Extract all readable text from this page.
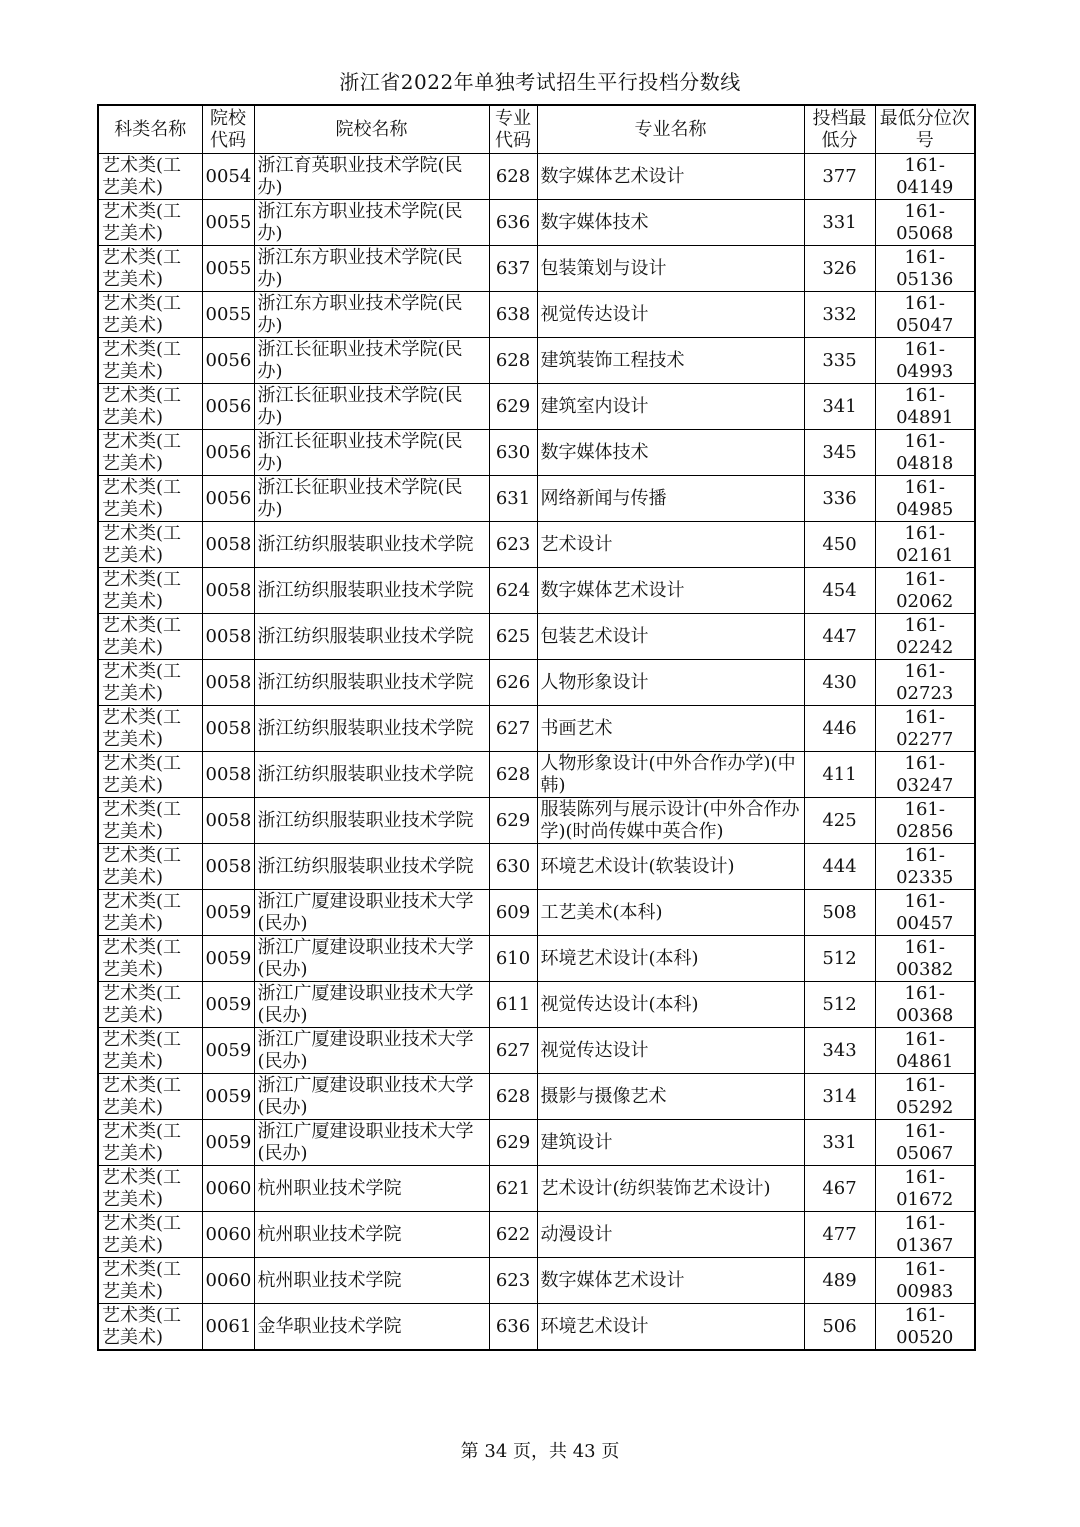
浙江省2022年单独考试招生平行投档分数线
科类名称	院校代码	院校名称	专业代码	专业名称	投档最低分	最低分位次号
艺术类(工艺美术)	0054	浙江育英职业技术学院(民办)	628	数字媒体艺术设计	377	161-04149
艺术类(工艺美术)	0055	浙江东方职业技术学院(民办)	636	数字媒体技术	331	161-05068
艺术类(工艺美术)	0055	浙江东方职业技术学院(民办)	637	包装策划与设计	326	161-05136
艺术类(工艺美术)	0055	浙江东方职业技术学院(民办)	638	视觉传达设计	332	161-05047
艺术类(工艺美术)	0056	浙江长征职业技术学院(民办)	628	建筑装饰工程技术	335	161-04993
艺术类(工艺美术)	0056	浙江长征职业技术学院(民办)	629	建筑室内设计	341	161-04891
艺术类(工艺美术)	0056	浙江长征职业技术学院(民办)	630	数字媒体技术	345	161-04818
艺术类(工艺美术)	0056	浙江长征职业技术学院(民办)	631	网络新闻与传播	336	161-04985
艺术类(工艺美术)	0058	浙江纺织服装职业技术学院	623	艺术设计	450	161-02161
艺术类(工艺美术)	0058	浙江纺织服装职业技术学院	624	数字媒体艺术设计	454	161-02062
艺术类(工艺美术)	0058	浙江纺织服装职业技术学院	625	包装艺术设计	447	161-02242
艺术类(工艺美术)	0058	浙江纺织服装职业技术学院	626	人物形象设计	430	161-02723
艺术类(工艺美术)	0058	浙江纺织服装职业技术学院	627	书画艺术	446	161-02277
艺术类(工艺美术)	0058	浙江纺织服装职业技术学院	628	人物形象设计(中外合作办学)(中韩)	411	161-03247
艺术类(工艺美术)	0058	浙江纺织服装职业技术学院	629	服装陈列与展示设计(中外合作办学)(时尚传媒中英合作)	425	161-02856
艺术类(工艺美术)	0058	浙江纺织服装职业技术学院	630	环境艺术设计(软装设计)	444	161-02335
艺术类(工艺美术)	0059	浙江广厦建设职业技术大学(民办)	609	工艺美术(本科)	508	161-00457
艺术类(工艺美术)	0059	浙江广厦建设职业技术大学(民办)	610	环境艺术设计(本科)	512	161-00382
艺术类(工艺美术)	0059	浙江广厦建设职业技术大学(民办)	611	视觉传达设计(本科)	512	161-00368
艺术类(工艺美术)	0059	浙江广厦建设职业技术大学(民办)	627	视觉传达设计	343	161-04861
艺术类(工艺美术)	0059	浙江广厦建设职业技术大学(民办)	628	摄影与摄像艺术	314	161-05292
艺术类(工艺美术)	0059	浙江广厦建设职业技术大学(民办)	629	建筑设计	331	161-05067
艺术类(工艺美术)	0060	杭州职业技术学院	621	艺术设计(纺织装饰艺术设计)	467	161-01672
艺术类(工艺美术)	0060	杭州职业技术学院	622	动漫设计	477	161-01367
艺术类(工艺美术)	0060	杭州职业技术学院	623	数字媒体艺术设计	489	161-00983
艺术类(工艺美术)	0061	金华职业技术学院	636	环境艺术设计	506	161-00520
第 34 页，共 43 页
